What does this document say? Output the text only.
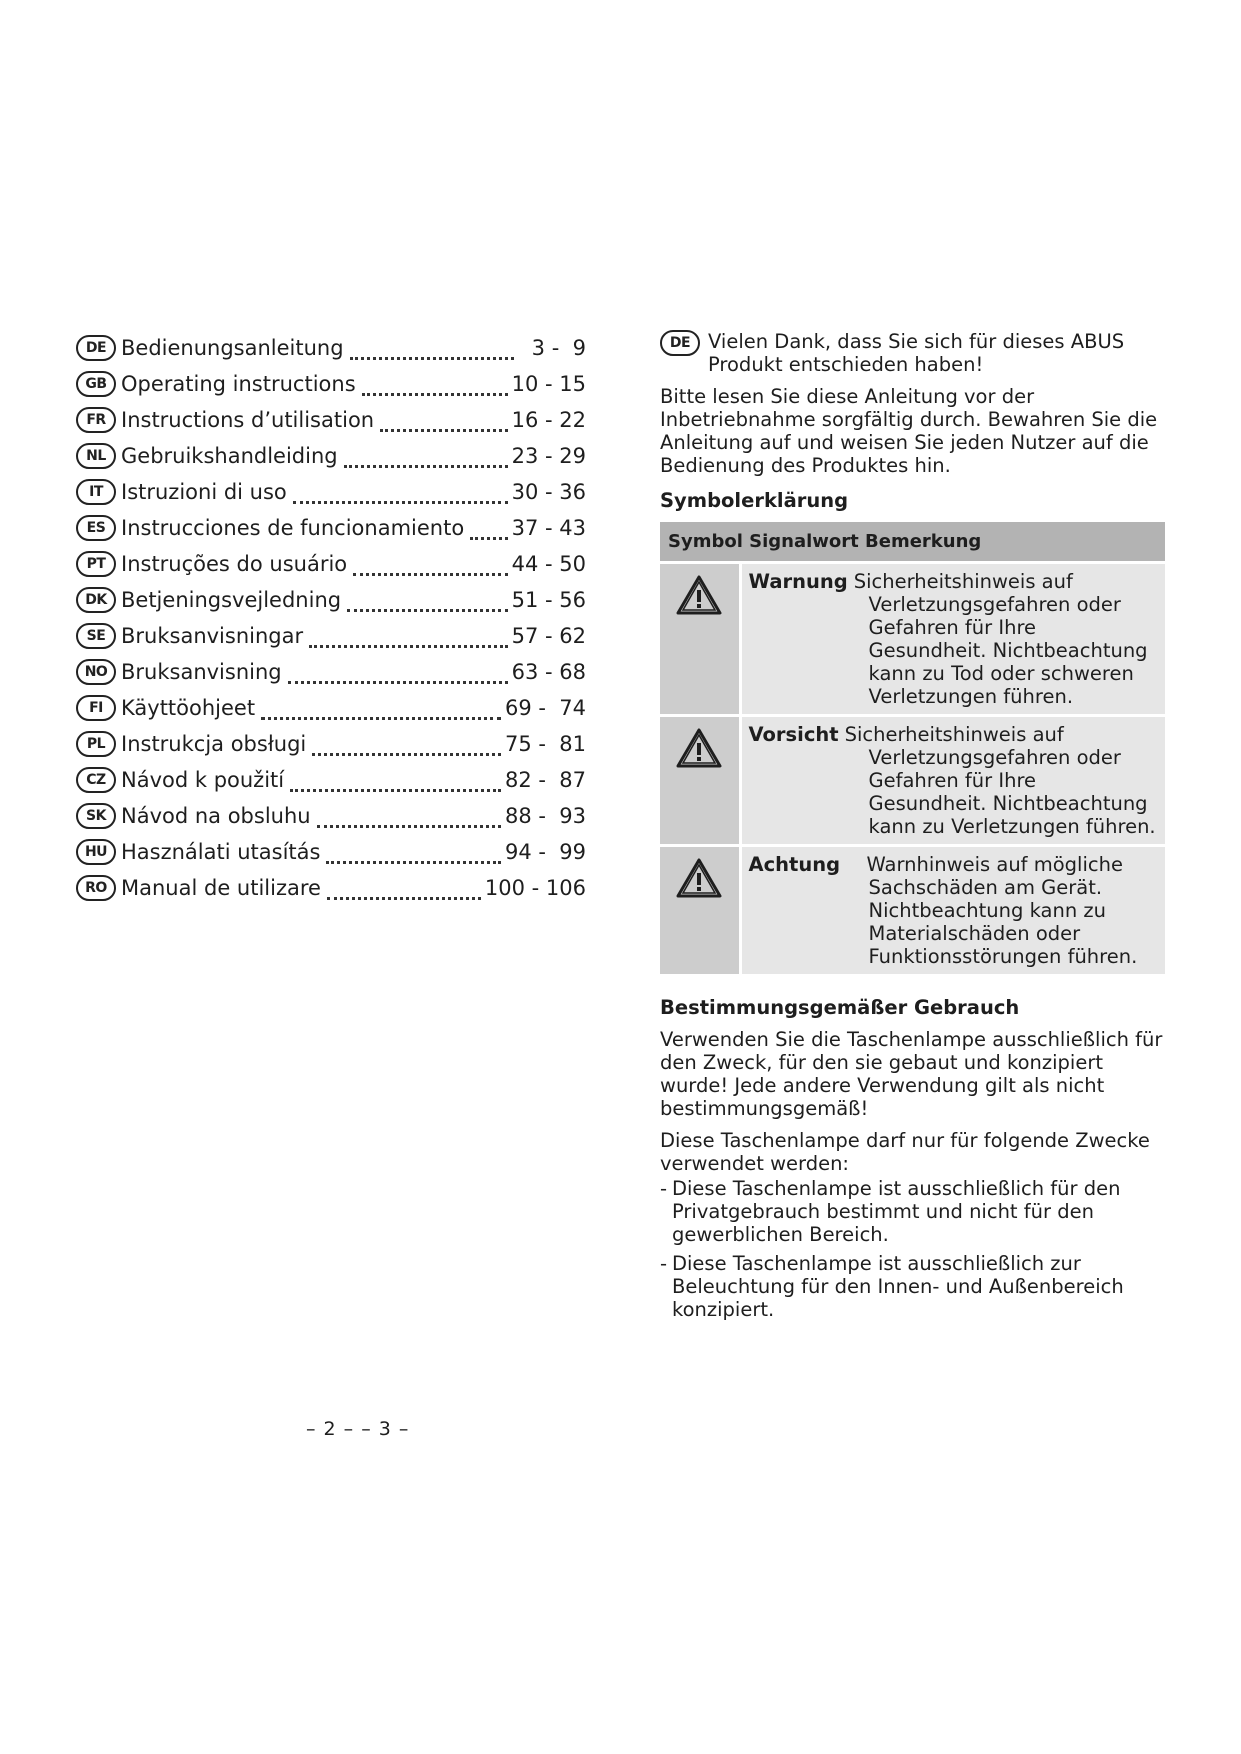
DE Bedienungsanleitung	3 -  9
GB Operating instructions	10 - 15
FR Instructions d’utilisation	16 - 22
NL Gebruikshandleiding	23 - 29
IT Istruzioni di uso	30 - 36
ES Instrucciones de funcionamiento 37 - 43
PT Instruções do usuário	44 - 50
DK Betjeningsvejledning	51 - 56
SE Bruksanvisningar	57 - 62
NO Bruksanvisning	63 - 68
FI Käyttöohjeet	69 -  74
PL Instrukcja obsługi	75 -  81
CZ Návod k použití	82 -  87
SK Návod na obsluhu	88 -  93
HU Használati utasítás	94 -  99
RO Manual de utilizare	100 - 106
– 2 – – 3 –
DE Vielen Dank, dass Sie sich für dieses ABUS Produkt entschieden haben!

Bitte lesen Sie diese Anleitung vor der Inbetriebnahme sorgfältig durch. Bewahren Sie die Anleitung auf und weisen Sie jeden Nutzer auf die Bedienung des Produktes hin.

Symbolerklärung
Symbol Signalwort Bemerkung	

Warnung Sicherheitshinweis auf
Verletzungsgefahren oder Gefahren für Ihre Gesundheit. Nichtbeachtung kann zu Tod oder schweren Verletzungen führen.

Vorsicht Sicherheitshinweis auf
Verletzungsgefahren oder Gefahren für Ihre Gesundheit. Nichtbeachtung kann zu Verletzungen führen.

Achtung Warnhinweis auf mögliche
Sachschäden am Gerät. Nichtbeachtung kann zu Materialschäden oder Funktionsstörungen führen.
Bestimmungsgemäßer Gebrauch

Verwenden Sie die Taschenlampe ausschließlich für den Zweck, für den sie gebaut und konzipiert wurde! Jede andere Verwendung gilt als nicht bestimmungsgemäß!

Diese Taschenlampe darf nur für folgende Zwecke verwendet werden:

- Diese Taschenlampe ist ausschließlich für den Privatgebrauch bestimmt und nicht für den gewerblichen Bereich.
- Diese Taschenlampe ist ausschließlich zur Beleuchtung für den Innen- und Außenbereich konzipiert.
